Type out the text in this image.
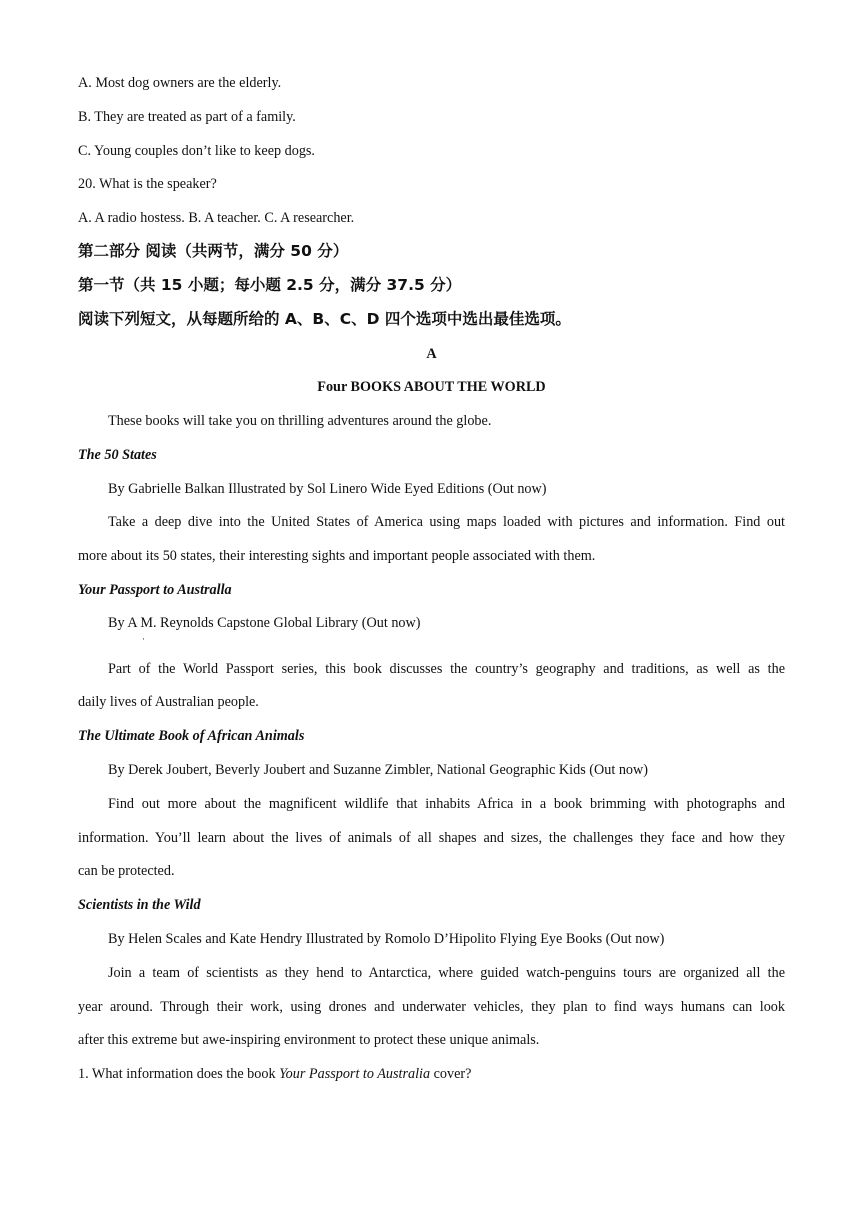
A. Most dog owners are the elderly.
B. They are treated as part of a family.
C. Young couples don’t like to keep dogs.
20. What is the speaker?
A. A radio hostess. B. A teacher. C. A researcher.
第二部分 阅读（共两节，满分 50 分）
第一节（共 15 小题；每小题 2.5 分，满分 37.5 分）
阅读下列短文，从每题所给的 A、B、C、D 四个选项中选出最佳选项。
A
Four BOOKS ABOUT THE WORLD
These books will take you on thrilling adventures around the globe.
The 50 States
By Gabrielle Balkan Illustrated by Sol Linero Wide Eyed Editions (Out now)
Take a deep dive into the United States of America using maps loaded with pictures and information. Find out
more about its 50 states, their interesting sights and important people associated with them.
Your Passport to Australla
By A M. Reynolds Capstone Global Library (Out now)
·
Part of the World Passport series, this book discusses the country’s geography and traditions, as well as the
daily lives of Australian people.
The Ultimate Book of African Animals
By Derek Joubert, Beverly Joubert and Suzanne Zimbler, National Geographic Kids (Out now)
Find out more about the magnificent wildlife that inhabits Africa in a book brimming with photographs and
information. You’ll learn about the lives of animals of all shapes and sizes, the challenges they face and how they
can be protected.
Scientists in the Wild
By Helen Scales and Kate Hendry Illustrated by Romolo D’Hipolito Flying Eye Books (Out now)
Join a team of scientists as they hend to Antarctica, where guided watch-penguins tours are organized all the
year around. Through their work, using drones and underwater vehicles, they plan to find ways humans can look
after this extreme but awe-inspiring environment to protect these unique animals.
1. What information does the book Your Passport to Australia cover?
